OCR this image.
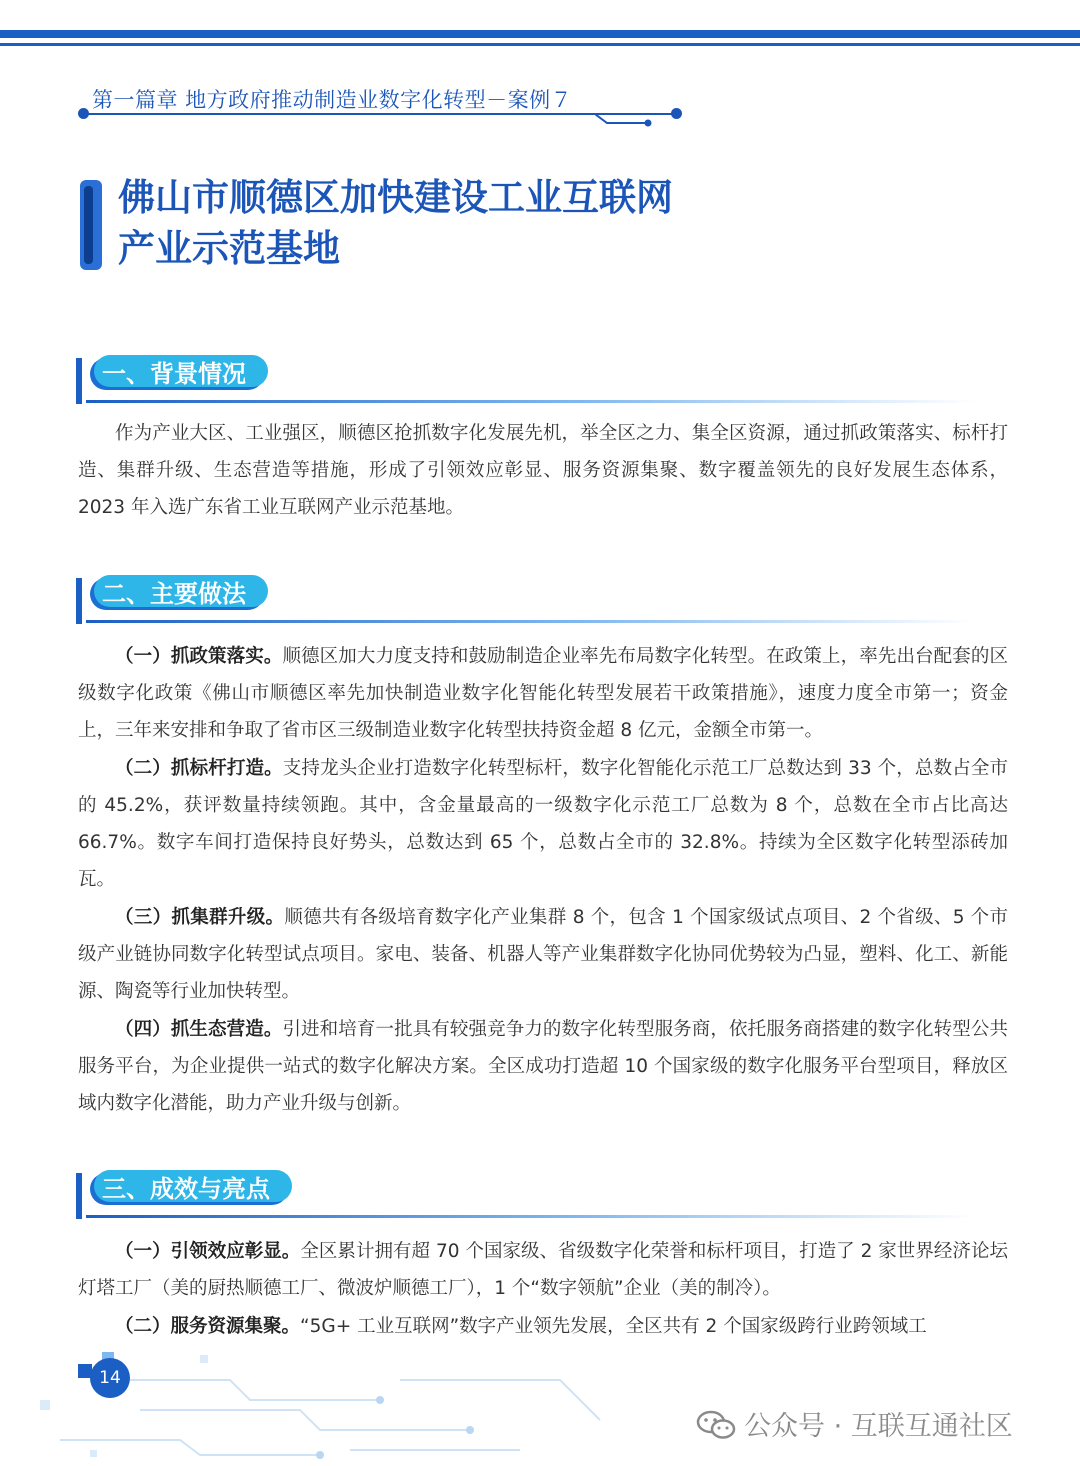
第一篇章 地方政府推动制造业数字化转型－案例７
佛山市顺德区加快建设工业互联网
产业示范基地
一、背景情况

作为产业大区、工业强区，顺德区抢抓数字化发展先机，举全区之力、集全区资源，通过抓政策落实、标杆打造、集群升级、生态营造等措施，形成了引领效应彰显、服务资源集聚、数字覆盖领先的良好发展生态体系，2023 年入选广东省工业互联网产业示范基地。

二、主要做法

（一）抓政策落实。顺德区加大力度支持和鼓励制造企业率先布局数字化转型。在政策上，率先出台配套的区级数字化政策《佛山市顺德区率先加快制造业数字化智能化转型发展若干政策措施》，速度力度全市第一；资金上，三年来安排和争取了省市区三级制造业数字化转型扶持资金超 8 亿元，金额全市第一。

（二）抓标杆打造。支持龙头企业打造数字化转型标杆，数字化智能化示范工厂总数达到 33 个，总数占全市的 45.2%，获评数量持续领跑。其中，含金量最高的一级数字化示范工厂总数为 8 个，总数在全市占比高达 66.7%。数字车间打造保持良好势头，总数达到 65 个，总数占全市的 32.8%。持续为全区数字化转型添砖加瓦。

（三）抓集群升级。顺德共有各级培育数字化产业集群 8 个，包含 1 个国家级试点项目、2 个省级、5 个市级产业链协同数字化转型试点项目。家电、装备、机器人等产业集群数字化协同优势较为凸显，塑料、化工、新能源、陶瓷等行业加快转型。

（四）抓生态营造。引进和培育一批具有较强竞争力的数字化转型服务商，依托服务商搭建的数字化转型公共服务平台，为企业提供一站式的数字化解决方案。全区成功打造超 10 个国家级的数字化服务平台型项目，释放区域内数字化潜能，助力产业升级与创新。

三、成效与亮点

（一）引领效应彰显。全区累计拥有超 70 个国家级、省级数字化荣誉和标杆项目，打造了 2 家世界经济论坛灯塔工厂（美的厨热顺德工厂、微波炉顺德工厂），1 个“数字领航”企业（美的制冷）。

（二）服务资源集聚。“5G+ 工业互联网”数字产业领先发展，全区共有 2 个国家级跨行业跨领域工

14
公众号 · 互联互通社区
